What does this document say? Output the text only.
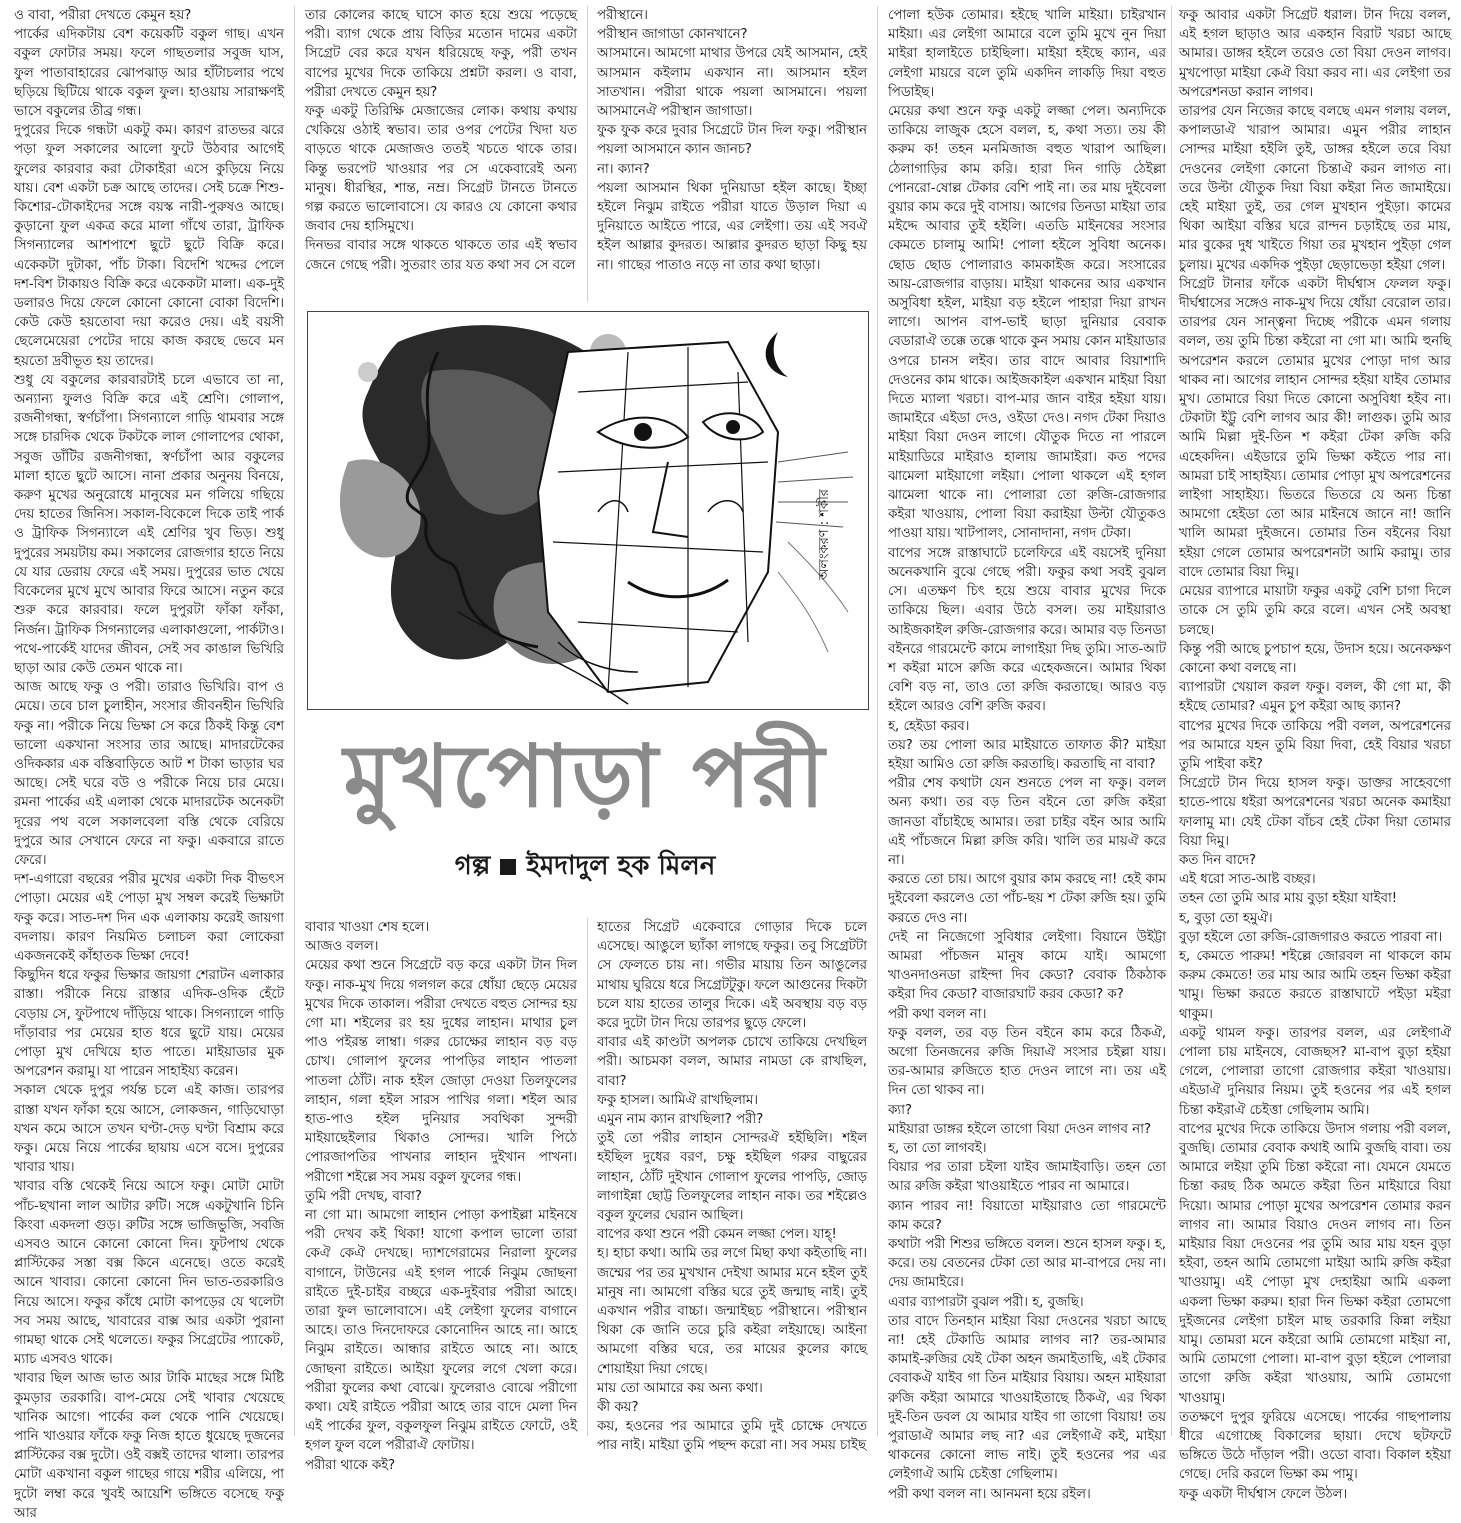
ও বাবা, পরীরা দেখতে কেমুন হয়?

পার্কের এদিকটায় বেশ কয়েকটি বকুল গাছ। এখন বকুল ফোটার সময়। ফলে গাছতলার সবুজ ঘাস, ফুল পাতাবাহারের ঝোপঝাড় আর হাঁটাচলার পথে ছড়িয়ে ছিটিয়ে থাকে বকুল ফুল। হাওয়ায় সারাক্ষণই ভাসে বকুলের তীব্র গন্ধ।

দুপুরের দিকে গন্ধটা একটু কম। কারণ রাতভর ঝরে পড়া ফুল সকালের আলো ফুটে উঠবার আগেই ফুলের কারবার করা টোকাইরা এসে কুড়িয়ে নিয়ে যায়। বেশ একটা চক্র আছে তাদের। সেই চক্রে শিশু-কিশোর-টোকাইদের সঙ্গে বয়স্ক নারী-পুরুষও আছে। কুড়ানো ফুল একত্র করে মালা গাঁথে তারা, ট্রাফিক সিগন্যালের আশপাশে ছুটে ছুটে বিক্রি করে। একেকটা দুটাকা, পাঁচ টাকা। বিদেশি খদ্দের পেলে দশ-বিশ টাকায়ও বিক্রি করে একেকটা মালা। এক-দুই ডলারও দিয়ে ফেলে কোনো কোনো বোকা বিদেশি। কেউ কেউ হয়তোবা দয়া করেও দেয়। এই বয়সী ছেলেমেয়েরা পেটের দায়ে কাজ করছে ভেবে মন হয়তো দ্রবীভূত হয় তাদের।

শুধু যে বকুলের কারবারটাই চলে এভাবে তা না, অন্যান্য ফুলও বিক্রি করে এই শ্রেণি। গোলাপ, রজনীগন্ধা, স্বর্ণচাঁপা। সিগন্যালে গাড়ি থামবার সঙ্গে সঙ্গে চারদিক থেকে টকটকে লাল গোলাপের থোকা, সবুজ ডাঁটির রজনীগন্ধা, স্বর্ণচাঁপা আর বকুলের মালা হাতে ছুটে আসে। নানা প্রকার অনুনয় বিনয়ে, করুণ মুখের অনুরোধে মানুষের মন গলিয়ে গছিয়ে দেয় হাতের জিনিস। সকাল-বিকেলে দিকে তাই পার্ক ও ট্রাফিক সিগন্যালে এই শ্রেণির খুব ভিড়। শুধু দুপুরের সময়টায় কম। সকালের রোজগার হাতে নিয়ে যে যার ডেরায় ফেরে এই সময়। দুপুরের ভাত খেয়ে বিকেলের মুখে মুখে আবার ফিরে আসে। নতুন করে শুরু করে কারবার। ফলে দুপুরটা ফাঁকা ফাঁকা, নির্জন। ট্রাফিক সিগন্যালের এলাকাগুলো, পার্কটাও। পথে-পার্কেই যাদের জীবন, সেই সব কাঙাল ভিখিরি ছাড়া আর কেউ তেমন থাকে না।

আজ আছে ফকু ও পরী। তারাও ভিখিরি। বাপ ও মেয়ে। তবে চাল চুলাহীন, সংসার জীবনহীন ভিখিরি ফকু না। পরীকে নিয়ে ভিক্ষা সে করে ঠিকই কিন্তু বেশ ভালো একখানা সংসার তার আছে। মাদারটেকের ওদিককার এক বস্তিবাড়িতে আট শ টাকা ভাড়ার ঘর আছে। সেই ঘরে বউ ও পরীকে নিয়ে চার মেয়ে। রমনা পার্কের এই এলাকা থেকে মাদারটেক অনেকটা দূরের পথ বলে সকালবেলা বস্তি থেকে বেরিয়ে দুপুরে আর সেখানে ফেরে না ফকু। একবারে রাতে ফেরে।

দশ-এগারো বছরের পরীর মুখের একটা দিক বীভৎস পোড়া। মেয়ের এই পোড়া মুখ সম্বল করেই ভিক্ষাটা ফকু করে। সাত-দশ দিন এক এলাকায় করেই জায়গা বদলায়। কারণ নিয়মিত চলাচল করা লোকেরা একজনকেই কাঁহাতক ভিক্ষা দেবে!

কিছুদিন ধরে ফকুর ভিক্ষার জায়গা শেরাটন এলাকার রাস্তা। পরীকে নিয়ে রাস্তার এদিক-ওদিক হেঁটে বেড়ায় সে, ফুটপাথে দাঁড়িয়ে থাকে। সিগন্যালে গাড়ি দাঁড়াবার পর মেয়ের হাত ধরে ছুটে যায়। মেয়ের পোড়া মুখ দেখিয়ে হাত পাতে। মাইয়াডার মুক অপরেশন করামু। যা পারেন সাহাইয্য করেন।

সকাল থেকে দুপুর পর্যন্ত চলে এই কাজ। তারপর রাস্তা যখন ফাঁকা হয়ে আসে, লোকজন, গাড়িঘোড়া যখন কমে আসে তখন ঘণ্টা-দেড় ঘণ্টা বিশ্রাম করে ফকু। মেয়ে নিয়ে পার্কের ছায়ায় এসে বসে। দুপুরের খাবার খায়।

খাবার বস্তি থেকেই নিয়ে আসে ফকু। মোটা মোটা পাঁচ-ছখানা লাল আটার রুটি। সঙ্গে একটুখানি চিনি কিংবা একদলা গুড়। রুটির সঙ্গে ভাজিভুজি, সবজি এসবও আনে কোনো কোনো দিন। ফুটপাথ থেকে প্লাস্টিকের সস্তা বক্স কিনে এনেছে। ওতে করেই আনে খাবার। কোনো কোনো দিন ভাত-তরকারিও নিয়ে আসে। ফকুর কাঁধে মোটা কাপড়ের যে থলেটা সব সময় আছে, খাবারের বাক্স আর একটা পুরানা গামছা থাকে সেই থলেতে। ফকুর সিগ্রেটের প্যাকেট, ম্যাচ এসবও থাকে।

খাবার ছিল আজ ভাত আর টাকি মাছের সঙ্গে মিষ্টি কুমড়ার তরকারি। বাপ-মেয়ে সেই খাবার খেয়েছে খানিক আগে। পার্কের কল থেকে পানি খেয়েছে। পানি খাওয়ার ফাঁকে ফকু নিজ হাতে ধুয়েছে দুজনের প্লাস্টিকের বক্স দুটো। ওই বক্সই তাদের থালা। তারপর মোটা একখানা বকুল গাছের গায়ে শরীর এলিয়ে, পা দুটো লম্বা করে খুবই আয়েশি ভঙ্গিতে বসেছে ফকু আর

তার কোলের কাছে ঘাসে কাত হয়ে শুয়ে পড়েছে পরী। ব্যাগ থেকে প্রায় বিড়ির মতোন দামের একটা সিগ্রেট বের করে যখন ধরিয়েছে ফকু, পরী তখন বাপের মুখের দিকে তাকিয়ে প্রশ্নটা করল। ও বাবা, পরীরা দেখতে কেমুন হয়?

ফকু একটু তিরিক্ষি মেজাজের লোক। কথায় কথায় খেকিয়ে ওঠাই স্বভাব। তার ওপর পেটের খিদা যত বাড়তে থাকে মেজাজও ততই খচতে থাকে তার। কিন্তু ভরপেট খাওয়ার পর সে একেবারেই অন্য মানুষ। ধীরস্থির, শান্ত, নম্র। সিগ্রেট টানতে টানতে গল্প করতে ভালোবাসে। যে কারও যে কোনো কথার জবাব দেয় হাসিমুখে।

দিনভর বাবার সঙ্গে থাকতে থাকতে তার এই স্বভাব জেনে গেছে পরী। সুতরাং তার যত কথা সব সে বলে

পরীস্থানে।

পরীস্থান জাগাডা কোনখানে?

আসমানে। আমগো মাথার উপরে যেই আসমান, হেই আসমান কইলাম একখান না। আসমান হইল সাতখান। পরীরা থাকে পয়লা আসমানে। পয়লা আসমানেঐ পরীস্থান জাগাডা।

ফুক ফুক করে দুবার সিগ্রেটে টান দিল ফকু। পরীস্থান পয়লা আসমানে ক্যান জানচ?

না। ক্যান?

পয়লা আসমান থিকা দুনিয়াডা হইল কাছে। ইচ্ছা হইলে নিঝুম রাইতে পরীরা যাতে উড়াল দিয়া এ দুনিয়াতে আইতে পারে, এর লেইগা। তয় এই সবঐ হইল আল্লার কুদরত। আল্লার কুদরত ছাড়া কিছু হয় না। গাছের পাতাও নড়ে না তার কথা ছাড়া।

পোলা হউক তোমার। হইছে খালি মাইয়া। চাইরখান মাইয়া। এর লেইগা আমারে বলে তুমি মুখে নুন দিয়া মাইরা হালাইতে চাইছিলা। মাইয়া হইছে ক্যান, এর লেইগা মায়রে বলে তুমি একদিন লাকড়ি দিয়া বহুত পিডাইছ।

মেয়ের কথা শুনে ফকু একটু লজ্জা পেল। অন্যদিকে তাকিয়ে লাজুক হেসে বলল, হ, কথা সত্য। তয় কী করুম ক! তহন মনমিজাজ বহুত খারাপ আছিল। ঠেলাগাড়ির কাম করি। হারা দিন গাড়ি ঠেইল্লা পোনরো-ষোল্ল টেকার বেশি পাই না। তর মায় দুইবেলা বুয়ার কাম করে দুই বাসায়। আগের তিনডা মাইয়া তার মইদ্দে আবার তুই হইলি। এতডি মাইনষের সংসার কেমতে চালামু আমি! পোলা হইলে সুবিধা অনেক। ছোড ছোড পোলারাও কামকাইজ করে। সংসারের আয়-রোজগার বাড়ায়। মাইয়া থাকনের আর একখান অসুবিধা হইল, মাইয়া বড় হইলে পাহারা দিয়া রাখন লাগে। আপন বাপ-ভাই ছাড়া দুনিয়ার বেবাক বেডারাঐ তক্কে তক্কে থাকে কুন সমায় কোন মাইয়াডার ওপরে চানস লইব। তার বাদে আবার বিয়াশাদি দেওনের কাম থাকে। আইজকাইল একখান মাইয়া বিয়া দিতে ম্যালা খরচা। বাপ-মার জান বাইর হইয়া যায়। জামাইরে এইডা দেও, ওইডা দেও। নগদ টেকা দিয়াও মাইয়া বিয়া দেওন লাগে। যৌতুক দিতে না পারলে মাইয়াডিরে মাইরাও হালায় জামাইরা। কত পদের ঝামেলা মাইয়াগো লইয়া। পোলা থাকলে এই হগল ঝামেলা থাকে না। পোলারা তো রুজি-রোজগার কইরা খাওয়ায়, পোলা বিয়া করাইয়া উল্টা যৌতুকও পাওয়া যায়। খাটপালং, সোনাদানা, নগদ টেকা।

বাপের সঙ্গে রাস্তাঘাটে চলেফিরে এই বয়সেই দুনিয়া অনেকখানি বুঝে গেছে পরী। ফকুর কথা সবই বুঝল সে। এতক্ষণ চিৎ হয়ে শুয়ে বাবার মুখের দিকে তাকিয়ে ছিল। এবার উঠে বসল। তয় মাইয়ারাও আইজকাইল রুজি-রোজগার করে। আমার বড় তিনডা বইনরে গারমেন্টে কামে লাগাইয়া দিছ তুমি। সাত-আট শ কইরা মাসে রুজি করে এহেকজনে। আমার থিকা বেশি বড় না, তাও তো রুজি করতাছে। আরও বড় হইলে আরও বেশি রুজি করব।

হ, হেইডা করব।

তয়? তয় পোলা আর মাইয়াতে তাফাত কী? মাইয়া হইয়া আমিও তো রুজি করতাছি। করতাছি না বাবা?

পরীর শেষ কথাটা যেন শুনতে পেল না ফকু। বলল অন্য কথা। তর বড় তিন বইনে তো রুজি কইরা জানডা বাঁচাইছে আমার। তরা চাইর বইন আর আমি এই পাঁচজনে মিল্লা রুজি করি। খালি তর মায়ঐ করে না।

করতে তো চায়। আগে বুয়ার কাম করছে না! হেই কাম দুইবেলা করলেও তো পাঁচ-ছয় শ টেকা রুজি হয়। তুমি করতে দেও না।

দেই না নিজেগো সুবিধার লেইগা। বিয়ানে উইট্টা আমরা পাঁচজন মানুষ কামে যাই। আমগো খাওনদাওনডা রাইন্দা দিব কেডা? বেবাক ঠিকঠাক কইরা দিব কেডা? বাজারঘাট করব কেডা? ক?

পরী কথা বলল না।

ফকু বলল, তর বড় তিন বইনে কাম করে ঠিকঐ, অগো তিনজনের রুজি দিয়াঐ সংসার চইল্লা যায়। তর-আমার রুজিতে হাত দেওন লাগে না। তয় এই দিন তো থাকব না।

ক্যা?

মাইয়ারা ডাঙ্গর হইলে তাগো বিয়া দেওন লাগব না?

হ, তা তো লাগবই।

বিয়ার পর তারা চইলা যাইব জামাইবাড়ি। তহন তো আর রুজি কইরা খাওয়াইতে পারব না আমারে।

ক্যান পারব না! বিয়াতো মাইয়ারাও তো গারমেন্টে কাম করে?

কথাটা পরী শিশুর ভঙ্গিতে বলল। শুনে হাসল ফকু। হ, করে। তয় বেতনের টেকা তো আর মা-বাপরে দেয় না। দেয় জামাইরে।

এবার ব্যাপারটা বুঝল পরী। হ, বুজছি।

তার বাদে তিনহান মাইয়া বিয়া দেওনের খরচা আছে না! হেই টেকাডি আমার লাগব না? তর-আমার কামাই-রুজির যেই টেকা অহন জমাইতাছি, এই টেকার বেবাকঐ যাইব গা তিন মাইয়ার বিয়ায়। অহন মাইয়ারা রুজি কইরা আমারে খাওয়াইতাছে ঠিকঐ, এর থিকা দুই-তিন ডবল যে আমার যাইব গা তাগো বিয়ায়! তয় পুরাডাঐ আমার লছ না? এর লেইগাঐ কই, মাইয়া থাকনের কোনো লাভ নাই। তুই হওনের পর এর লেইগাঐ আমি চেইত্তা গেছিলাম।

পরী কথা বলল না। আনমনা হয়ে রইল।

ফকু আবার একটা সিগ্রেট ধরাল। টান দিয়ে বলল, এই হগল ছাড়াও আর একহান বিরাট খরচা আছে আমার। ডাঙ্গর হইলে তরেও তো বিয়া দেওন লাগব। মুখপোড়া মাইয়া কেঐ বিয়া করব না। এর লেইগা তর অপরেশনডা করান লাগব।

তারপর যেন নিজের কাছে বলছে এমন গলায় বলল, কপালডাঐ খারাপ আমার। এমুন পরীর লাহান সোন্দর মাইয়া হইলি তুই, ডাঙ্গর হইলে তরে বিয়া দেওনের লেইগা কোনো চিন্তাঐ করন লাগত না। তরে উল্টা যৌতুক দিয়া বিয়া কইরা নিত জামাইয়ে। হেই মাইয়া তুই, তর গেল মুখহান পুইড়া। কামের থিকা আইয়া বস্তির ঘরে রান্দন চড়াইছে তর মায়, মার বুকের দুধ খাইতে গিয়া তর মুখহান পুইড়া গেল চুলায়। মুখের একদিক পুইড়া ছেড়াভেড়া হইয়া গেল।

সিগ্রেট টানার ফাঁকে একটা দীর্ঘশ্বাস ফেলল ফকু। দীর্ঘশ্বাসের সঙ্গেও নাক-মুখ দিয়ে ধোঁয়া বেরোল তার। তারপর যেন সান্ত্বনা দিচ্ছে পরীকে এমন গলায় বলল, তয় তুমি চিন্তা কইরো না গো মা। আমি হুনছি অপরেশন করলে তোমার মুখের পোড়া দাগ আর থাকব না। আগের লাহান সোন্দর হইয়া যাইব তোমার মুখ। তোমারে বিয়া দিতে কোনো অসুবিধা হইব না। টেকাটা ইট্টু বেশি লাগব আর কী! লাগুক। তুমি আর আমি মিল্লা দুই-তিন শ কইরা টেকা রুজি করি এহেকদিন। এইডারে তুমি ভিক্ষা কইতে পার না। আমরা চাই সাহাইয্য। তোমার পোড়া মুখ অপরেশনের লাইগা সাহাইয্য। ভিতরে ভিতরে যে অন্য চিন্তা আমগো হেইডা তো আর মাইনষে জানে না! জানি খালি আমরা দুইজনে। তোমার তিন বইনের বিয়া হইয়া গেলে তোমার অপরেশনটা আমি করামু। তার বাদে তোমার বিয়া দিমু।

মেয়ের ব্যাপারে মায়াটা ফকুর একটু বেশি চাগা দিলে তাকে সে তুমি তুমি করে বলে। এখন সেই অবস্থা চলছে।

কিন্তু পরী আছে চুপচাপ হয়ে, উদাস হয়ে। অনেকক্ষণ কোনো কথা বলছে না।

ব্যাপারটা খেয়াল করল ফকু। বলল, কী গো মা, কী হইছে তোমার? এমুন চুপ কইরা আছ ক্যান?

বাপের মুখের দিকে তাকিয়ে পরী বলল, অপরেশনের পর আমারে যহন তুমি বিয়া দিবা, হেই বিয়ার খরচা তুমি পাইবা কই?

সিগ্রেটে টান দিয়ে হাসল ফকু। ডাক্তর সাহেবগো হাতে-পায়ে ধইরা অপরেশনের খরচা অনেক কমাইয়া ফালামু মা। যেই টেকা বাঁচব হেই টেকা দিয়া তোমার বিয়া দিমু।

কত দিন বাদে?

এই ধরো সাত-আষ্ট বচ্ছর।

তহন তো তুমি আর মায় বুড়া হইয়া যাইবা!

হ, বুড়া তো হমুঐ।

বুড়া হইলে তো রুজি-রোজগারও করতে পারবা না।

হ, কেমতে পারুম! শইল্লে জোরবল না থাকলে কাম করুম কেমতে! তর মায় আর আমি তহন ভিক্ষা কইরা খামু। ভিক্ষা করতে করতে রাস্তাঘাটে পইড়া মইরা থাকুম।

একটু থামল ফকু। তারপর বলল, এর লেইগাঐ পোলা চায় মাইনষে, বোজছস? মা-বাপ বুড়া হইয়া গেলে, পোলারা তাগো রোজগার কইরা খাওয়ায়। এইডাঐ দুনিয়ার নিয়ম। তুই হওনের পর এই হগল চিন্তা কইরাঐ চেইত্তা গেছিলাম আমি।

বাপের মুখের দিকে তাকিয়ে উদাস গলায় পরী বলল, বুজছি। তোমার বেবাক কথাই আমি বুজছি বাবা। তয় আমারে লইয়া তুমি চিন্তা কইরো না। যেমনে যেমতে চিন্তা করছ ঠিক অমতে কইরা তিন মাইয়ারে বিয়া দিয়ো। আমার পোড়া মুখের অপরেশন তোমার করন লাগব না। আমার বিয়াও দেওন লাগব না। তিন মাইয়ার বিয়া দেওনের পর তুমি আর মায় যহন বুড়া হইবা, তহন আমি তোমগো মাইয়া আমি রুজি কইরা খাওয়ামু। এই পোড়া মুখ দেহাইয়া আমি একলা একলা ভিক্ষা করুম। হারা দিন ভিক্ষা কইরা তোমগো দুইজনের লেইগা চাইল মাছ তরকারি কিন্না লইয়া যামু। তোমরা মনে কইরো আমি তোমগো মাইয়া না, আমি তোমগো পোলা। মা-বাপ বুড়া হইলে পোলারা তাগো রুজি কইরা খাওয়ায়, আমি তোমগো খাওয়ামু।

ততক্ষণে দুপুর ফুরিয়ে এসেছে। পার্কের গাছপালায় ধীরে এগোচ্ছে বিকালের ছায়া। দেখে ছটফটে ভঙ্গিতে উঠে দাঁড়াল পরী। ওডো বাবা। বিকাল হইয়া গেছে। দেরি করলে ভিক্ষা কম পামু।

ফকু একটা দীর্ঘশ্বাস ফেলে উঠল।

বাবার খাওয়া শেষ হলে।

আজও বলল।

মেয়ের কথা শুনে সিগ্রেটে বড় করে একটা টান দিল ফকু। নাক-মুখ দিয়ে গলগল করে ধোঁয়া ছেড়ে মেয়ের মুখের দিকে তাকাল। পরীরা দেখতে বহুত সোন্দর হয় গো মা। শইলের রং হয় দুধের লাহান। মাথার চুল পাও পইরন্ত লাম্বা। গরুর চোক্ষের লাহান বড় বড় চোখ। গোলাপ ফুলের পাপড়ির লাহান পাতলা পাতলা ঠোঁট। নাক হইল জোড়া দেওয়া তিলফুলের লাহান, গলা হইল সারস পাখির গলা। শইল আর হাত-পাও হইল দুনিয়ার সবথিকা সুন্দরী মাইয়াছেইলার থিকাও সোন্দর। খালি পিঠে পোরজাপতির পাখনার লাহান দুইখান পাখনা। পরীগো শইল্লে সব সময় বকুল ফুলের গন্ধ।

তুমি পরী দেখছ, বাবা?

না গো মা। আমগো লাহান পোড়া কপাইল্লা মাইনষে পরী দেখব কই থিকা! যাগো কপাল ভালো তারা কেঐ কেঐ দেখছে। দ্যাশগেরামের নিরালা ফুলের বাগানে, টাউনের এই হগল পার্কে নিঝুম জোছনা রাইতে দুই-চাইর বচ্ছরে এক-দুইবার পরীরা আহে। তারা ফুল ভালোবাসে। এই লেইগা ফুলের বাগানে আহে। তাও দিনদোফরে কোনোদিন আহে না। আহে নিঝুম রাইতে। আন্ধার রাইতে আহে না। আহে জোছনা রাইতে। আইয়া ফুলের লগে খেলা করে। পরীরা ফুলের কথা বোঝে। ফুলেরাও বোঝে পরীগো কথা। যেই রাইতে পরীরা আহে তার বাদে মেলা দিন এই পার্কের ফুল, বকুলফুল নিঝুম রাইতে ফোটে, ওই হগল ফুল বলে পরীরাঐ ফোটায়।

পরীরা থাকে কই?

হাতের সিগ্রেট একেবারে গোড়ার দিকে চলে এসেছে। আঙুলে ছ্যাঁকা লাগছে ফকুর। তবু সিগ্রেটটা সে ফেলতে চায় না। গভীর মায়ায় তিন আঙুলের মাথায় ঘুরিয়ে ধরে সিগ্রেটটুকু। ফলে আগুনের দিকটা চলে যায় হাতের তালুর দিকে। এই অবস্থায় বড় বড় করে দুটো টান দিয়ে তারপর ছুড়ে ফেলে।

বাবার এই কাণ্ডটা অপলক চোখে তাকিয়ে দেখছিল পরী। আচমকা বলল, আমার নামডা কে রাখছিল, বাবা?

ফকু হাসল। আমিঐ রাখছিলাম।

এমুন নাম ক্যান রাখছিলা? পরী?

তুই তো পরীর লাহান সোন্দরঐ হইছিলি। শইল হইছিল দুধের বরণ, চক্ষু হইছিল গরুর বাছুরের লাহান, ঠোঁট দুইখান গোলাপ ফুলের পাপড়ি, জোড় লাগাইন্না ছোট্ট তিলফুলের লাহান নাক। তর শইল্লেও বকুল ফুলের ঘেরান আছিল।

বাপের কথা শুনে পরী কেমন লজ্জা পেল। যাহ্!

হ। হাচা কথা। আমি তর লগে মিছা কথা কইতাছি না। জম্মের পর তর মুখখান দেইখা আমার মনে হইল তুই মানুষ না। আমগো বস্তির ঘরে তুই জন্মাছ নাই। তুই একখান পরীর বাচ্চা। জন্মাইছচ পরীস্থানে। পরীস্থান থিকা কে জানি তরে চুরি কইরা লইয়াছে। আইনা আমগো বস্তির ঘরে, তর মায়ের কুলের কাছে শোয়াইয়া দিয়া গেছে।

মায় তো আমারে কয় অন্য কথা।

কী কয়?

কয়, হওনের পর আমারে তুমি দুই চোক্ষে দেখতে পার নাই। মাইয়া তুমি পছন্দ করো না। সব সময় চাইছ

অলংকরণ : শকীর
মুখপোড়া পরী
গল্প ইমদাদুল হক মিলন
